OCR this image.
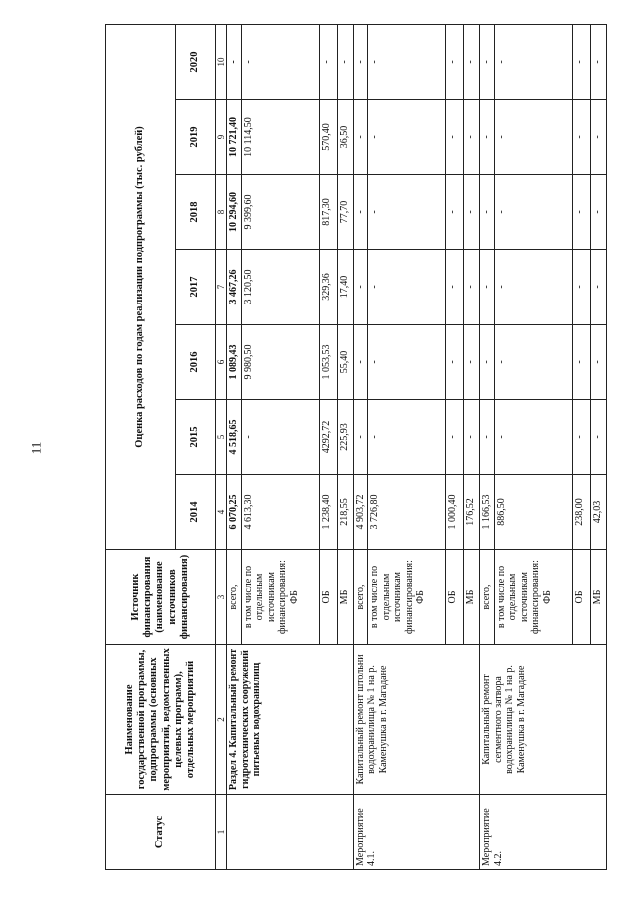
11
Статус	Наименование государственной программы, подпрограммы (основных мероприятий, ведомственных целевых программ), отдельных мероприятий	Источник финансирования (наименование источников финансирования)	Оценка расходов по годам реализации подпрограммы (тыс. рублей)						
			2014	2015	2016	2017	2018	2019	2020
1	2	3	4	5	6	7	8	9	10
	Раздел 4. Капитальный ремонт гидротехнических сооружений питьевых водохранилищ	всего,	6 070,25	4 518,65	1 089,43	3 467,26	10 294,60	10 721,40	-
		в том числе по отдельным источникам финансирования: ФБ	4 613,30	-	9 980,50	3 120,50	9 399,60	10 114,50	-
		ОБ	1 238,40	4292,72	1 053,53	329,36	817,30	570,40	-
		МБ	218,55	225,93	55,40	17,40	77,70	36,50	-
Мероприятие 4.1.	Капитальный ремонт штольни водохранилища № 1 на р. Каменушка в г. Магадане	всего,	4 903,72	-	-	-	-	-	-
		в том числе по отдельным источникам финансирования: ФБ	3 726,80	-	-	-	-	-	-
		ОБ	1 000,40	-	-	-	-	-	-
		МБ	176,52	-	-	-	-	-	-
Мероприятие 4.2.	Капитальный ремонт сегментного затвора водохранилища № 1 на р. Каменушка в г. Магадане	всего,	1 166,53	-	-	-	-	-	-
		в том числе по отдельным источникам финансирования: ФБ	886,50	-	-	-	-	-	-
		ОБ	238,00	-	-	-	-	-	-
		МБ	42,03	-	-	-	-	-	-
